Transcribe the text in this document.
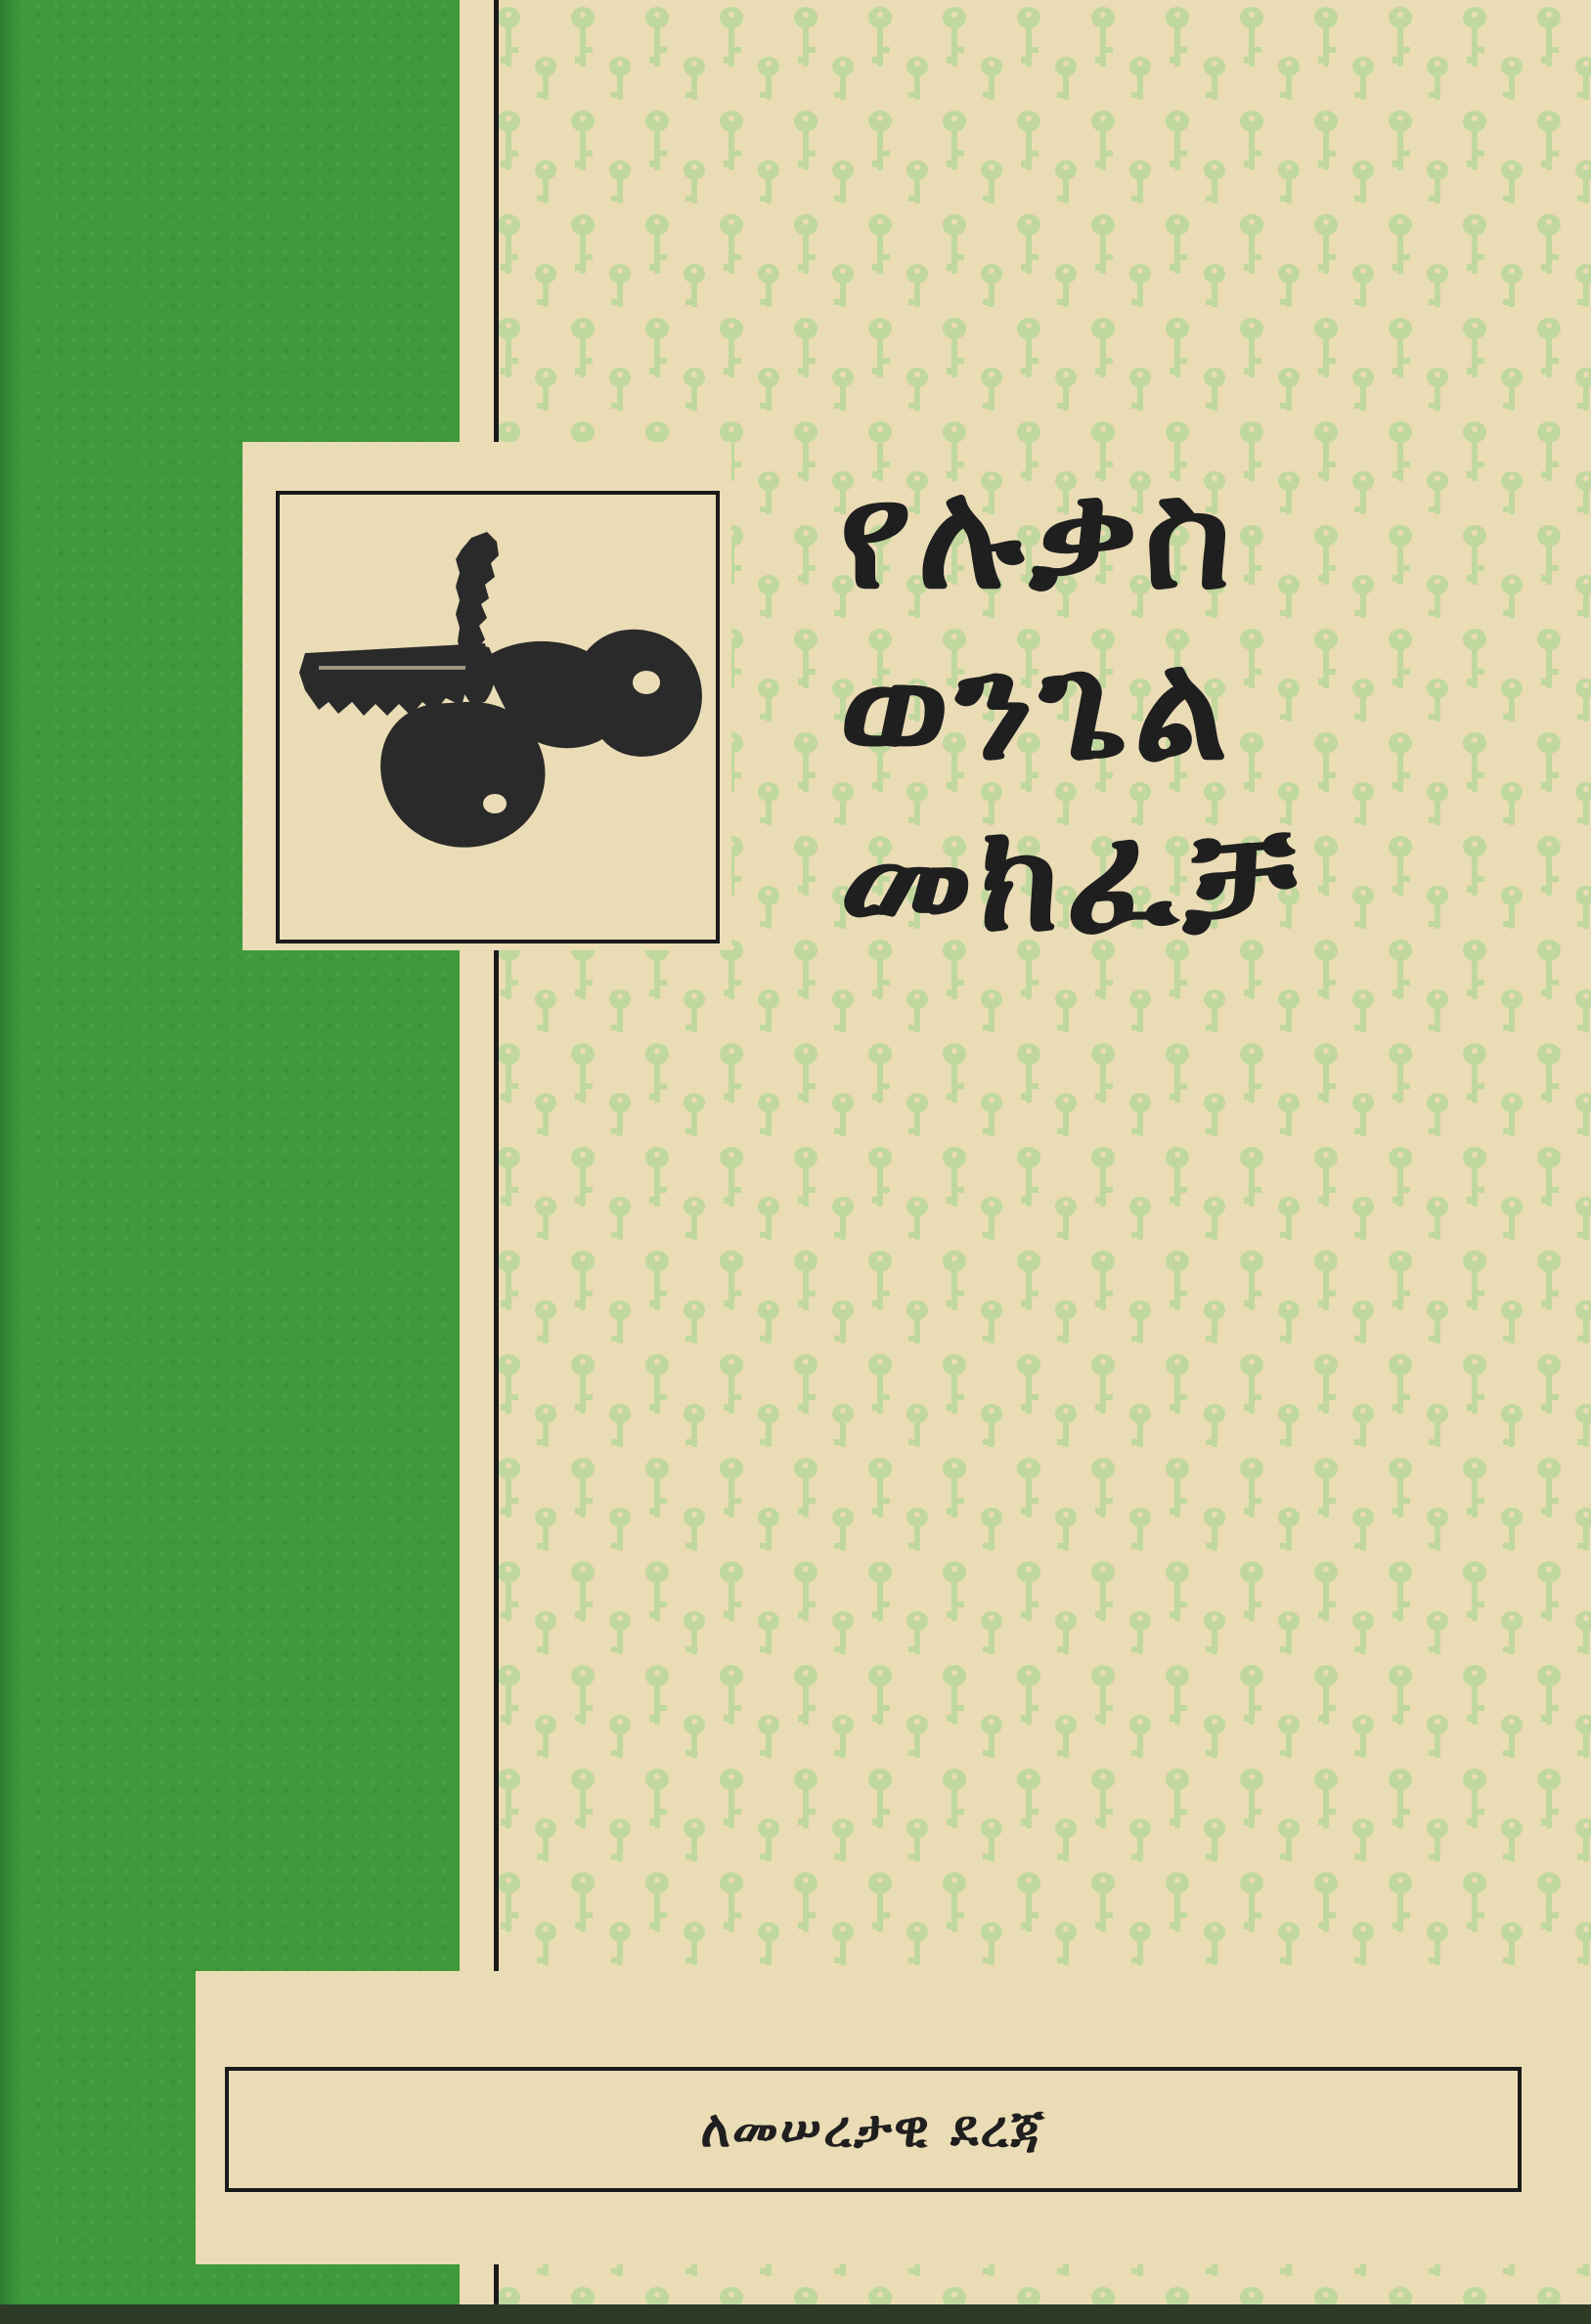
የሉቃስ
ወንጌል
መክፈቻ
ለመሠረታዊ ደረጃ
